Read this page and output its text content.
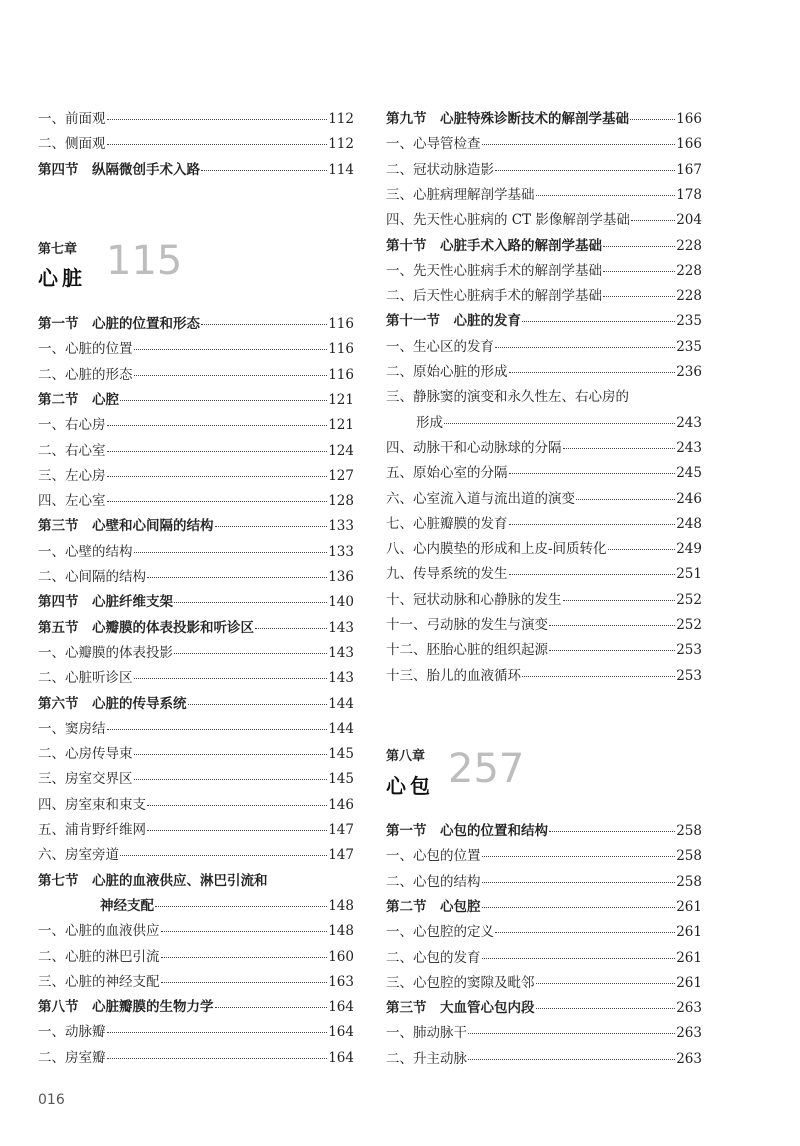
第七章
心脏 115
一、前面观	112
二、侧面观	112
第四节　纵隔微创手术入路	114
第一节　心脏的位置和形态	116
一、心脏的位置	116
二、心脏的形态	116
第二节　心腔	121
一、右心房	121
二、右心室	124
三、左心房	127
四、左心室	128
第三节　心壁和心间隔的结构	133
一、心壁的结构	133
二、心间隔的结构	136
第四节　心脏纤维支架	140
第五节　心瓣膜的体表投影和听诊区	143
一、心瓣膜的体表投影	143
二、心脏听诊区	143
第六节　心脏的传导系统	144
一、窦房结	144
二、心房传导束	145
三、房室交界区	145
四、房室束和束支	146
五、浦肯野纤维网	147
六、房室旁道	147
第七节　心脏的血液供应、淋巴引流和
神经支配	148
一、心脏的血液供应	148
二、心脏的淋巴引流	160
三、心脏的神经支配	163
第八节　心脏瓣膜的生物力学	164
一、动脉瓣	164
二、房室瓣	164
第八章
心包 257
第九节　心脏特殊诊断技术的解剖学基础	166
一、心导管检查	166
二、冠状动脉造影	167
三、心脏病理解剖学基础	178
四、先天性心脏病的 CT 影像解剖学基础	204
第十节　心脏手术入路的解剖学基础	228
一、先天性心脏病手术的解剖学基础	228
二、后天性心脏病手术的解剖学基础	228
第十一节　心脏的发育	235
一、生心区的发育	235
二、原始心脏的形成	236
三、静脉窦的演变和永久性左、右心房的
形成	243
四、动脉干和心动脉球的分隔	243
五、原始心室的分隔	245
六、心室流入道与流出道的演变	246
七、心脏瓣膜的发育	248
八、心内膜垫的形成和上皮-间质转化	249
九、传导系统的发生	251
十、冠状动脉和心静脉的发生	252
十一、弓动脉的发生与演变	252
十二、胚胎心脏的组织起源	253
十三、胎儿的血液循环	253
第一节　心包的位置和结构	258
一、心包的位置	258
二、心包的结构	258
第二节　心包腔	261
一、心包腔的定义	261
二、心包的发育	261
三、心包腔的窦隙及毗邻	261
第三节　大血管心包内段	263
一、肺动脉干	263
二、升主动脉	263
016
